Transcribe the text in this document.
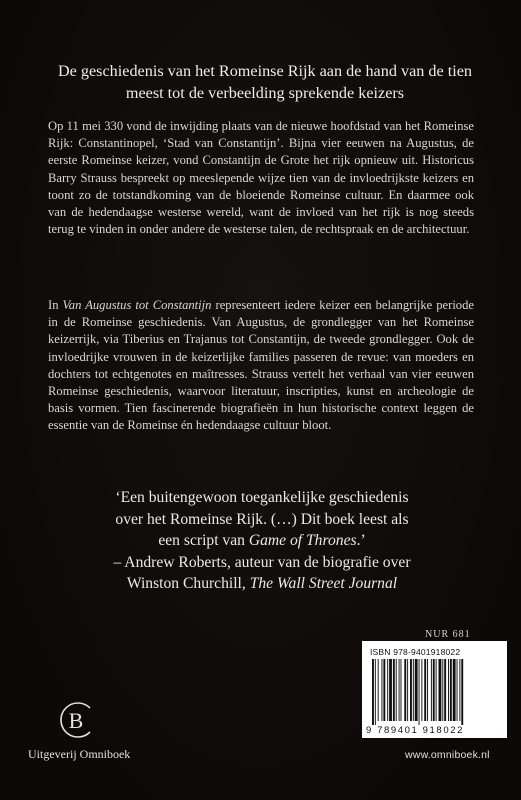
De geschiedenis van het Romeinse Rijk aan de hand van de tien meest tot de verbeelding sprekende keizers

Op 11 mei 330 vond de inwijding plaats van de nieuwe hoofdstad van het Romeinse Rijk: Constantinopel, ‘Stad van Constantijn’. Bijna vier eeuwen na Augustus, de eerste Romeinse keizer, vond Constantijn de Grote het rijk opnieuw uit. Historicus Barry Strauss bespreekt op meeslepende wijze tien van de invloedrijkste keizers en toont zo de totstandkoming van de bloeiende Romeinse cultuur. En daarmee ook van de hedendaagse westerse wereld, want de invloed van het rijk is nog steeds terug te vinden in onder andere de westerse talen, de rechtspraak en de architectuur.

In Van Augustus tot Constantijn representeert iedere keizer een belangrijke periode in de Romeinse geschiedenis. Van Augustus, de grondlegger van het Romeinse keizerrijk, via Tiberius en Trajanus tot Constantijn, de tweede grondlegger. Ook de invloedrijke vrouwen in de keizerlijke families passeren de revue: van moeders en dochters tot echtgenotes en maîtresses. Strauss vertelt het verhaal van vier eeuwen Romeinse geschiedenis, waarvoor literatuur, inscripties, kunst en archeologie de basis vormen. Tien fascinerende biografieën in hun historische context leggen de essentie van de Romeinse én hedendaagse cultuur bloot.

‘Een buitengewoon toegankelijke geschiedenis
over het Romeinse Rijk. (…) Dit boek leest als
een script van Game of Thrones.’
– Andrew Roberts, auteur van de biografie over
Winston Churchill, The Wall Street Journal
NUR 681
ISBN 978-9401918022
9 789401 918022
www.omniboek.nl
B
Uitgeverij Omniboek
